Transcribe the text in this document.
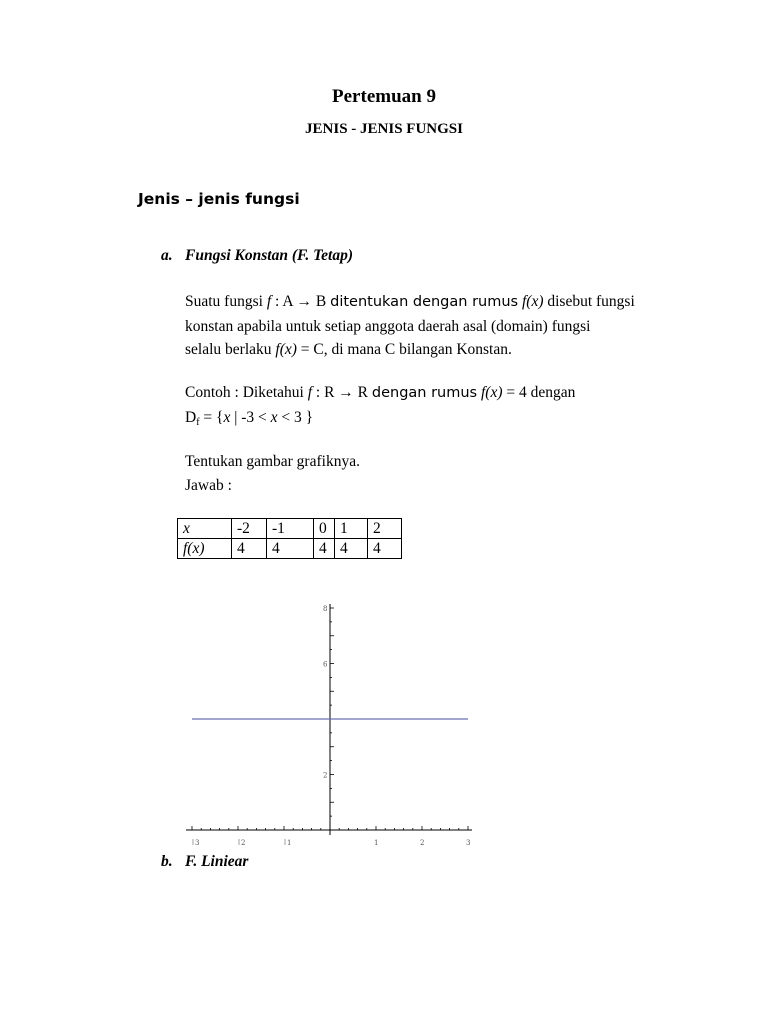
Pertemuan 9
JENIS - JENIS FUNGSI
Jenis – jenis fungsi
a. Fungsi Konstan (F. Tetap)
Suatu fungsi f : A → B ditentukan dengan rumus f(x) disebut fungsi
konstan apabila untuk setiap anggota daerah asal (domain) fungsi
selalu berlaku f(x) = C, di mana C bilangan Konstan.
Contoh : Diketahui f : R → R dengan rumus f(x) = 4 dengan
$D_f = \{x$ | -3 < x < 3 }
Tentukan gambar grafiknya.
Jawab :
x	-2	-1	0	1	2
f(x)	4	4	4	4	4
3	2	1	1	2	3
2
6
8
b. F. Liniear
